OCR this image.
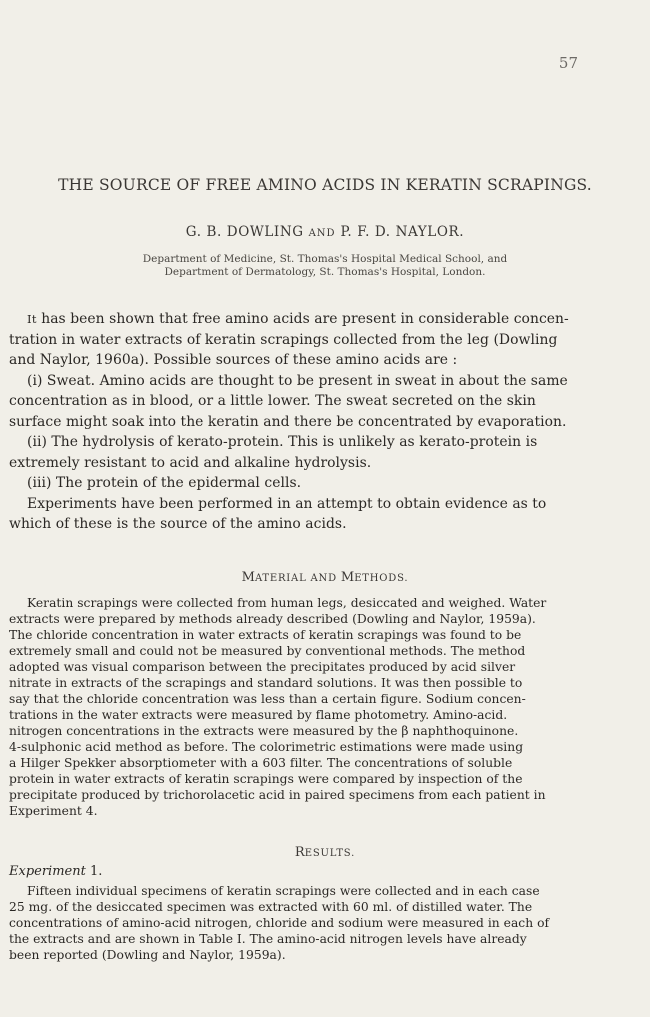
57
THE SOURCE OF FREE AMINO ACIDS IN KERATIN SCRAPINGS.
G. B. DOWLING AND P. F. D. NAYLOR.
Department of Medicine, St. Thomas's Hospital Medical School, and
Department of Dermatology, St. Thomas's Hospital, London.
It has been shown that free amino acids are present in considerable concen-
tration in water extracts of keratin scrapings collected from the leg (Dowling
and Naylor, 1960a). Possible sources of these amino acids are :
(i) Sweat. Amino acids are thought to be present in sweat in about the same
concentration as in blood, or a little lower. The sweat secreted on the skin
surface might soak into the keratin and there be concentrated by evaporation.
(ii) The hydrolysis of kerato-protein. This is unlikely as kerato-protein is
extremely resistant to acid and alkaline hydrolysis.
(iii) The protein of the epidermal cells.
Experiments have been performed in an attempt to obtain evidence as to
which of these is the source of the amino acids.
MATERIAL AND METHODS.
Keratin scrapings were collected from human legs, desiccated and weighed. Water
extracts were prepared by methods already described (Dowling and Naylor, 1959a).
The chloride concentration in water extracts of keratin scrapings was found to be
extremely small and could not be measured by conventional methods. The method
adopted was visual comparison between the precipitates produced by acid silver
nitrate in extracts of the scrapings and standard solutions. It was then possible to
say that the chloride concentration was less than a certain figure. Sodium concen-
trations in the water extracts were measured by flame photometry. Amino-acid.
nitrogen concentrations in the extracts were measured by the β naphthoquinone.
4-sulphonic acid method as before. The colorimetric estimations were made using
a Hilger Spekker absorptiometer with a 603 filter. The concentrations of soluble
protein in water extracts of keratin scrapings were compared by inspection of the
precipitate produced by trichorolacetic acid in paired specimens from each patient in
Experiment 4.
RESULTS.
Experiment 1.
Fifteen individual specimens of keratin scrapings were collected and in each case
25 mg. of the desiccated specimen was extracted with 60 ml. of distilled water. The
concentrations of amino-acid nitrogen, chloride and sodium were measured in each of
the extracts and are shown in Table I. The amino-acid nitrogen levels have already
been reported (Dowling and Naylor, 1959a).
